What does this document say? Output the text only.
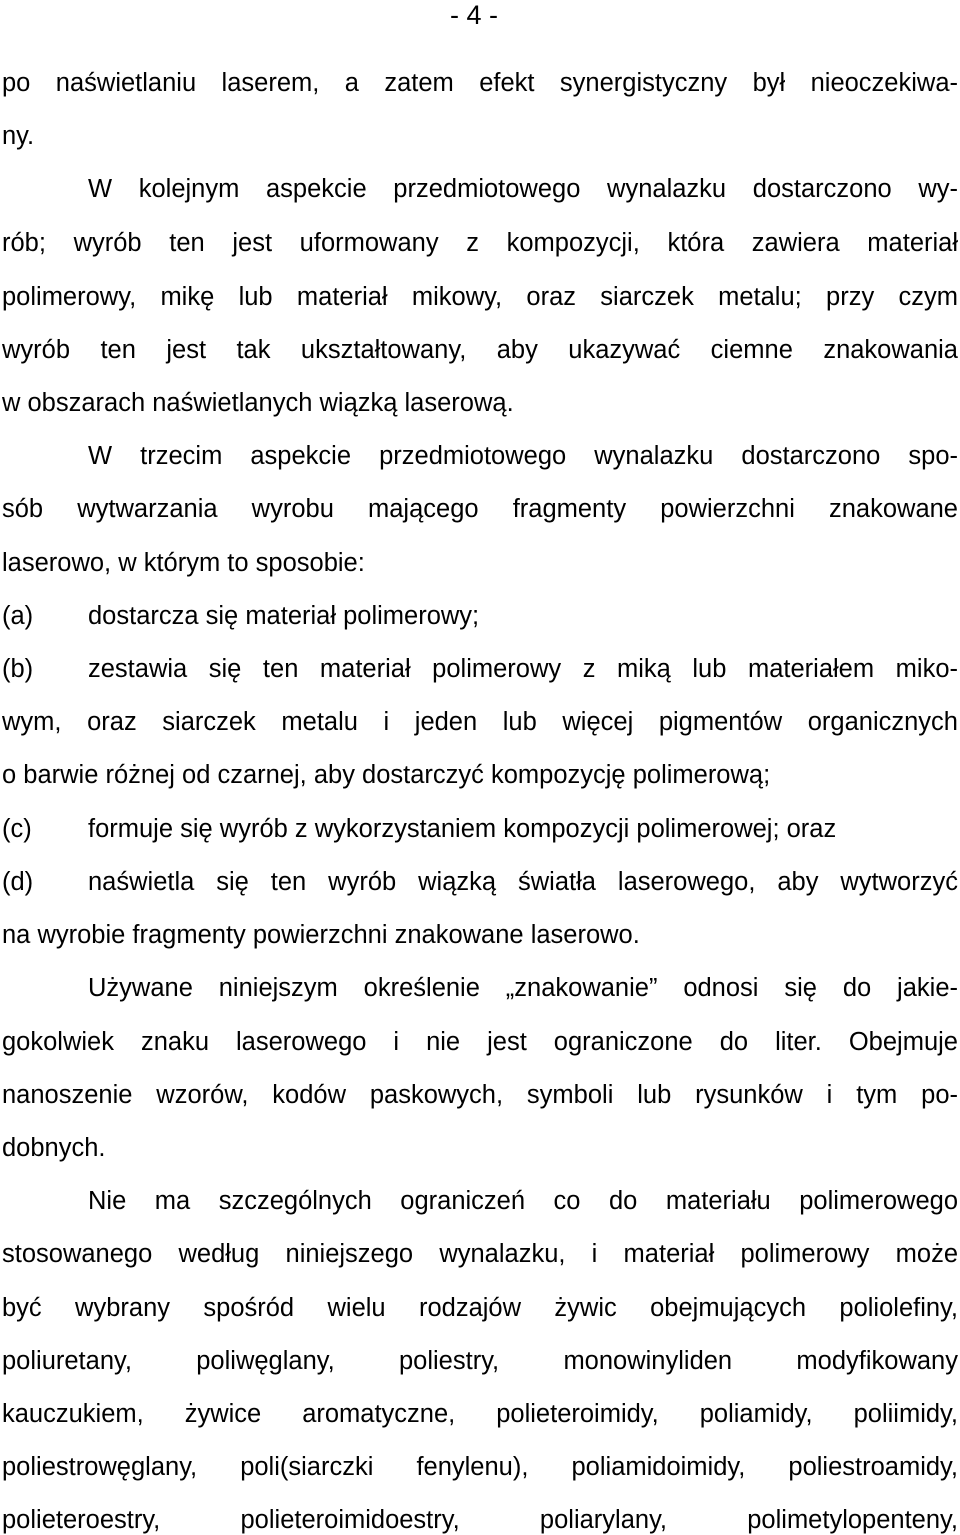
- 4 -
po naświetlaniu laserem, a zatem efekt synergistyczny był nieoczekiwa-
ny.
W kolejnym aspekcie przedmiotowego wynalazku dostarczono wy-
rób; wyrób ten jest uformowany z kompozycji, która zawiera materiał
polimerowy, mikę lub materiał mikowy, oraz siarczek metalu; przy czym
wyrób ten jest tak ukształtowany, aby ukazywać ciemne znakowania
w obszarach naświetlanych wiązką laserową.
W trzecim aspekcie przedmiotowego wynalazku dostarczono spo-
sób wytwarzania wyrobu mającego fragmenty powierzchni znakowane
laserowo, w którym to sposobie:
(a) dostarcza się materiał polimerowy;
(b) zestawia się ten materiał polimerowy z miką lub materiałem miko-
wym, oraz siarczek metalu i jeden lub więcej pigmentów organicznych
o barwie różnej od czarnej, aby dostarczyć kompozycję polimerową;
(c) formuje się wyrób z wykorzystaniem kompozycji polimerowej; oraz
(d) naświetla się ten wyrób wiązką światła laserowego, aby wytworzyć
na wyrobie fragmenty powierzchni znakowane laserowo.
Używane niniejszym określenie „znakowanie” odnosi się do jakie-
gokolwiek znaku laserowego i nie jest ograniczone do liter. Obejmuje
nanoszenie wzorów, kodów paskowych, symboli lub rysunków i tym po-
dobnych.
Nie ma szczególnych ograniczeń co do materiału polimerowego
stosowanego według niniejszego wynalazku, i materiał polimerowy może
być wybrany spośród wielu rodzajów żywic obejmujących poliolefiny,
poliuretany, poliwęglany, poliestry, monowinyliden modyfikowany
kauczukiem, żywice aromatyczne, polieteroimidy, poliamidy, poliimidy,
poliestrowęglany, poli(siarczki fenylenu), poliamidoimidy, poliestroamidy,
polieteroestry, polieteroimidoestry, poliarylany, polimetylopenteny,
